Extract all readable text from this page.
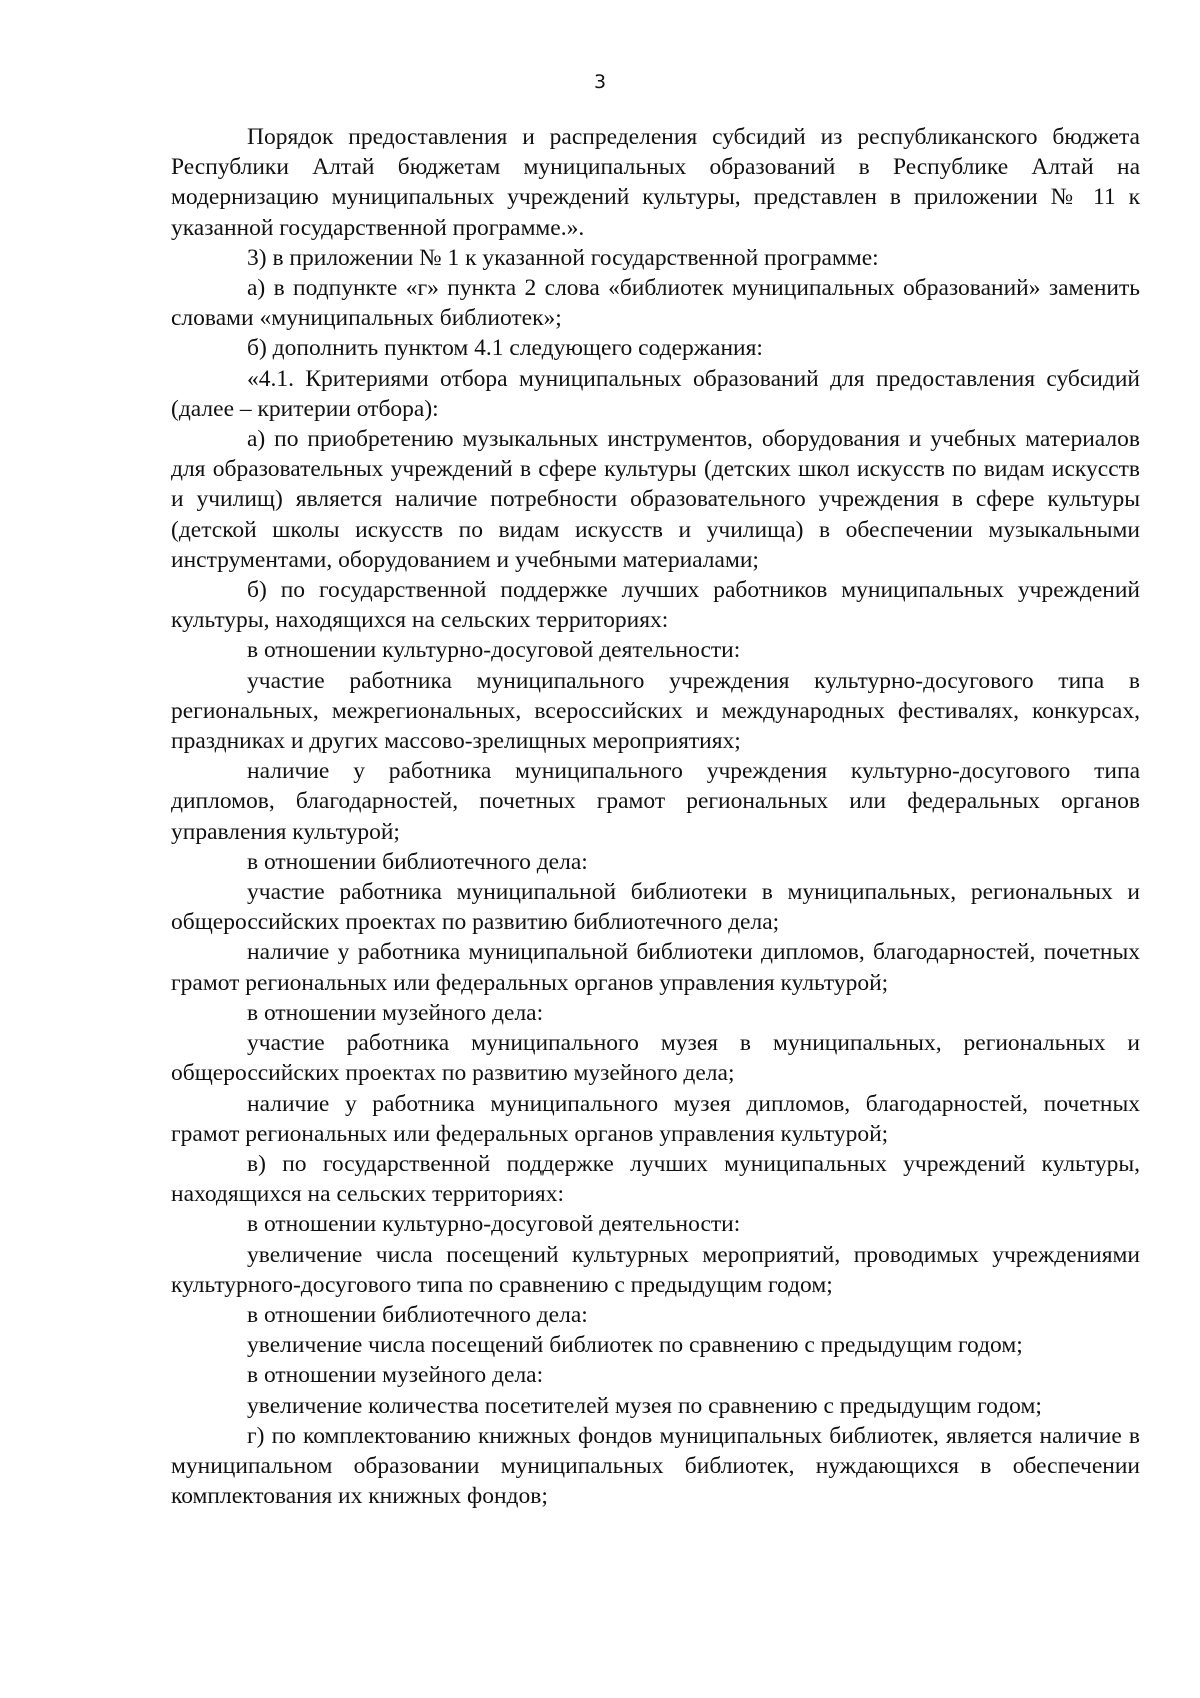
3

Порядок предоставления и распределения субсидий из республиканского бюджета Республики Алтай бюджетам муниципальных образований в Республике Алтай на модернизацию муниципальных учреждений культуры, представлен в приложении № 11 к указанной государственной программе.».

3) в приложении № 1 к указанной государственной программе:

а) в подпункте «г» пункта 2 слова «библиотек муниципальных образований» заменить словами «муниципальных библиотек»;

б) дополнить пунктом 4.1 следующего содержания:

«4.1. Критериями отбора муниципальных образований для предоставления субсидий (далее – критерии отбора):

а) по приобретению музыкальных инструментов, оборудования и учебных материалов для образовательных учреждений в сфере культуры (детских школ искусств по видам искусств и училищ) является наличие потребности образовательного учреждения в сфере культуры (детской школы искусств по видам искусств и училища) в обеспечении музыкальными инструментами, оборудованием и учебными материалами;

б) по государственной поддержке лучших работников муниципальных учреждений культуры, находящихся на сельских территориях:

в отношении культурно-досуговой деятельности:

участие работника муниципального учреждения культурно-досугового типа в региональных, межрегиональных, всероссийских и международных фестивалях, конкурсах, праздниках и других массово-зрелищных мероприятиях;

наличие у работника муниципального учреждения культурно-досугового типа дипломов, благодарностей, почетных грамот региональных или федеральных органов управления культурой;

в отношении библиотечного дела:

участие работника муниципальной библиотеки в муниципальных, региональных и общероссийских проектах по развитию библиотечного дела;

наличие у работника муниципальной библиотеки дипломов, благодарностей, почетных грамот региональных или федеральных органов управления культурой;

в отношении музейного дела:

участие работника муниципального музея в муниципальных, региональных и общероссийских проектах по развитию музейного дела;

наличие у работника муниципального музея дипломов, благодарностей, почетных грамот региональных или федеральных органов управления культурой;

в) по государственной поддержке лучших муниципальных учреждений культуры, находящихся на сельских территориях:

в отношении культурно-досуговой деятельности:

увеличение числа посещений культурных мероприятий, проводимых учреждениями культурного-досугового типа по сравнению с предыдущим годом;

в отношении библиотечного дела:

увеличение числа посещений библиотек по сравнению с предыдущим годом;

в отношении музейного дела:

увеличение количества посетителей музея по сравнению с предыдущим годом;

г) по комплектованию книжных фондов муниципальных библиотек, является наличие в муниципальном образовании муниципальных библиотек, нуждающихся в обеспечении комплектования их книжных фондов;
